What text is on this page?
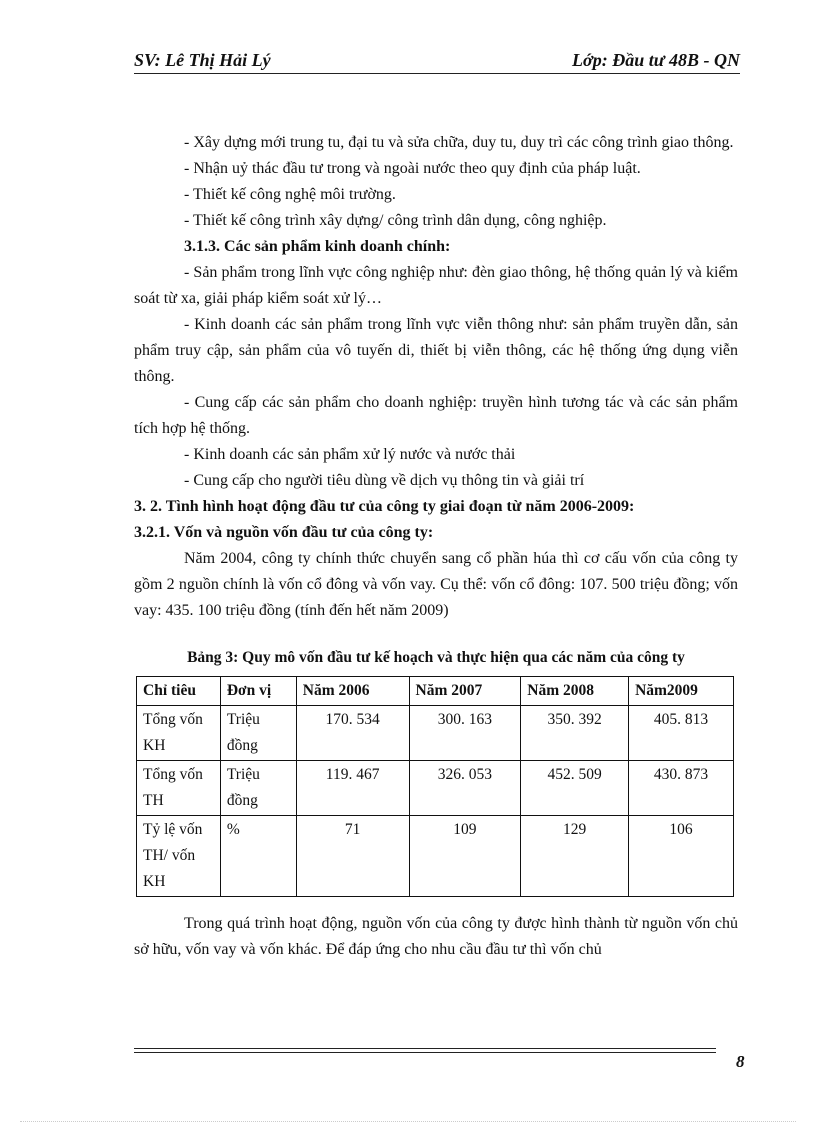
SV: Lê Thị Hải Lý	Lớp: Đầu tư 48B - QN

- Xây dựng mới trung tu, đại tu và sửa chữa, duy tu, duy trì các công trình giao thông.

- Nhận uỷ thác đầu tư trong và ngoài nước theo quy định của pháp luật.

- Thiết kế công nghệ môi trường.

- Thiết kế công trình xây dựng/ công trình dân dụng, công nghiệp.

3.1.3. Các sản phẩm kinh doanh chính:

- Sản phẩm trong lĩnh vực công nghiệp như: đèn giao thông, hệ thống quản lý và kiểm soát từ xa, giải pháp kiểm soát xử lý…

- Kinh doanh các sản phẩm trong lĩnh vực viễn thông như: sản phẩm truyền dẫn, sản phẩm truy cập, sản phẩm của vô tuyến di, thiết bị viễn thông, các hệ thống ứng dụng viễn thông.

- Cung cấp các sản phẩm cho doanh nghiệp: truyền hình tương tác và các sản phẩm tích hợp hệ thống.

- Kinh doanh các sản phẩm xử lý nước và nước thải

- Cung cấp cho người tiêu dùng về dịch vụ thông tin và giải trí

3. 2. Tình hình hoạt động đầu tư của công ty giai đoạn từ năm 2006-2009:

3.2.1. Vốn và nguồn vốn đầu tư của công ty:

Năm 2004, công ty chính thức chuyển sang cổ phần húa thì cơ cấu vốn của công ty gồm 2 nguồn chính là vốn cổ đông và vốn vay. Cụ thể: vốn cổ đông: 107. 500 triệu đồng; vốn vay: 435. 100 triệu đồng (tính đến hết năm 2009)

Bảng 3: Quy mô vốn đầu tư kế hoạch và thực hiện qua các năm của công ty
Chỉ tiêu	Đơn vị	Năm 2006	Năm 2007	Năm 2008	Năm2009
Tổng vốn KH	Triệu đồng	170. 534	300. 163	350. 392	405. 813
Tổng vốn TH	Triệu đồng	119. 467	326. 053	452. 509	430. 873
Tỷ lệ vốn TH/ vốn KH	%	71	109	129	106

Trong quá trình hoạt động, nguồn vốn của công ty được hình thành từ nguồn vốn chủ sở hữu, vốn vay và vốn khác. Để đáp ứng cho nhu cầu đầu tư thì vốn chủ

8
